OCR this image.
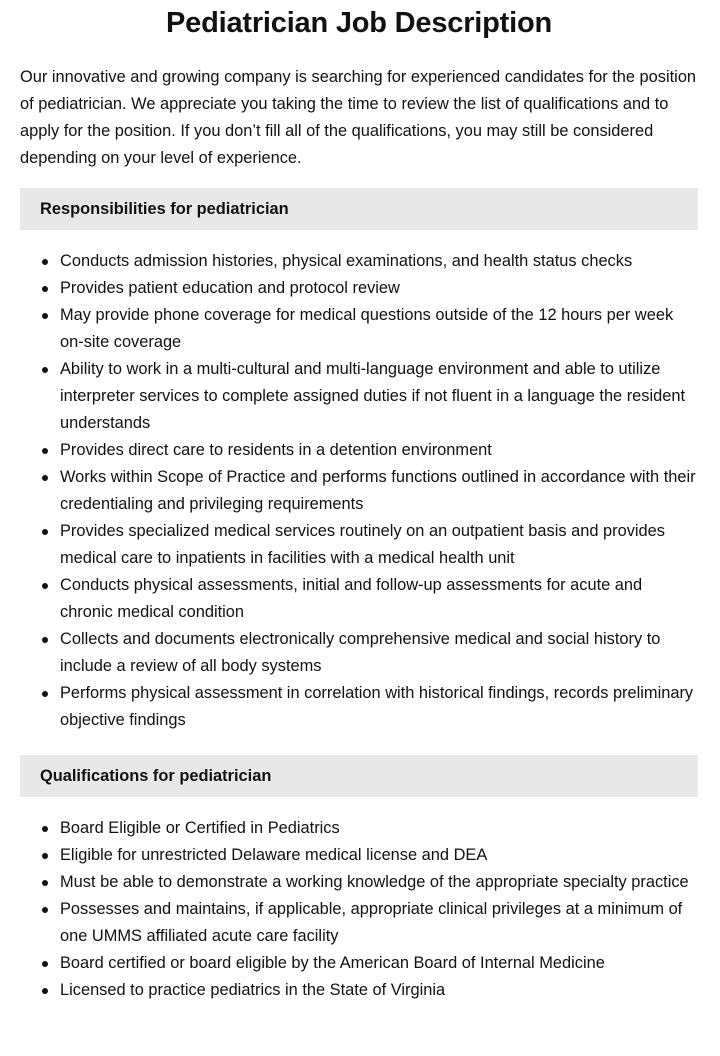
Pediatrician Job Description

Our innovative and growing company is searching for experienced candidates for the position of pediatrician. We appreciate you taking the time to review the list of qualifications and to apply for the position. If you don’t fill all of the qualifications, you may still be considered depending on your level of experience.

Responsibilities for pediatrician
Conducts admission histories, physical examinations, and health status checks
Provides patient education and protocol review
May provide phone coverage for medical questions outside of the 12 hours per week on-site coverage
Ability to work in a multi-cultural and multi-language environment and able to utilize interpreter services to complete assigned duties if not fluent in a language the resident understands
Provides direct care to residents in a detention environment
Works within Scope of Practice and performs functions outlined in accordance with their credentialing and privileging requirements
Provides specialized medical services routinely on an outpatient basis and provides medical care to inpatients in facilities with a medical health unit
Conducts physical assessments, initial and follow-up assessments for acute and chronic medical condition
Collects and documents electronically comprehensive medical and social history to include a review of all body systems
Performs physical assessment in correlation with historical findings, records preliminary objective findings
Qualifications for pediatrician
Board Eligible or Certified in Pediatrics
Eligible for unrestricted Delaware medical license and DEA
Must be able to demonstrate a working knowledge of the appropriate specialty practice
Possesses and maintains, if applicable, appropriate clinical privileges at a minimum of one UMMS affiliated acute care facility
Board certified or board eligible by the American Board of Internal Medicine
Licensed to practice pediatrics in the State of Virginia
